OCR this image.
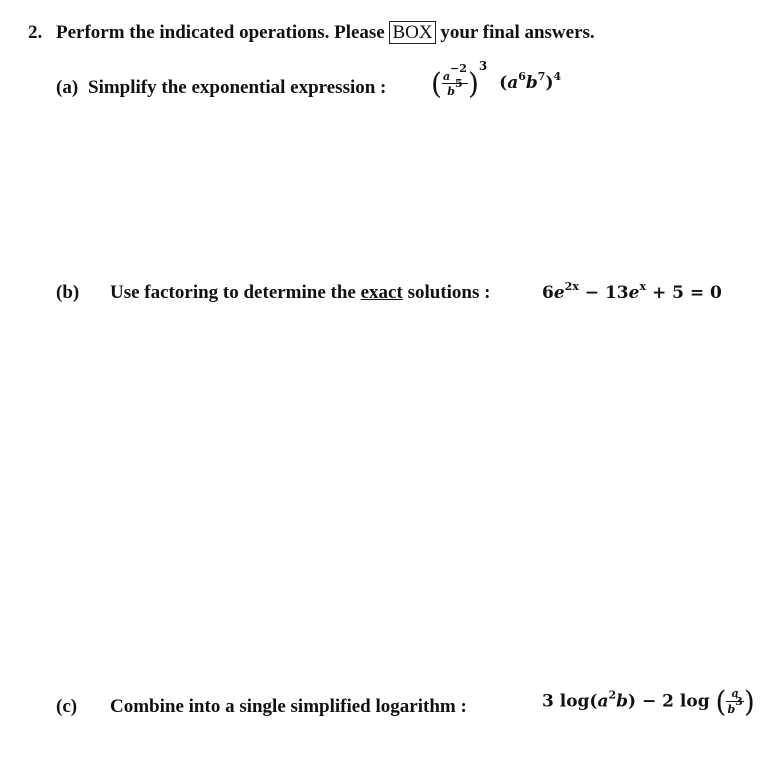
2. Perform the indicated operations. Please BOX your final answers.
(a) Simplify the exponential expression : ( $\frac{a^{-2}}{b^5} )^3$ $(a^6b^7)^4$
(b) Use factoring to determine the exact solutions :	$6e^{2x} - 13e^x + 5 = 0$
(c) Combine into a single simplified logarithm :	3 $\log(a^2b) - 2$ log ( $\frac{a}{b^3}$ )
